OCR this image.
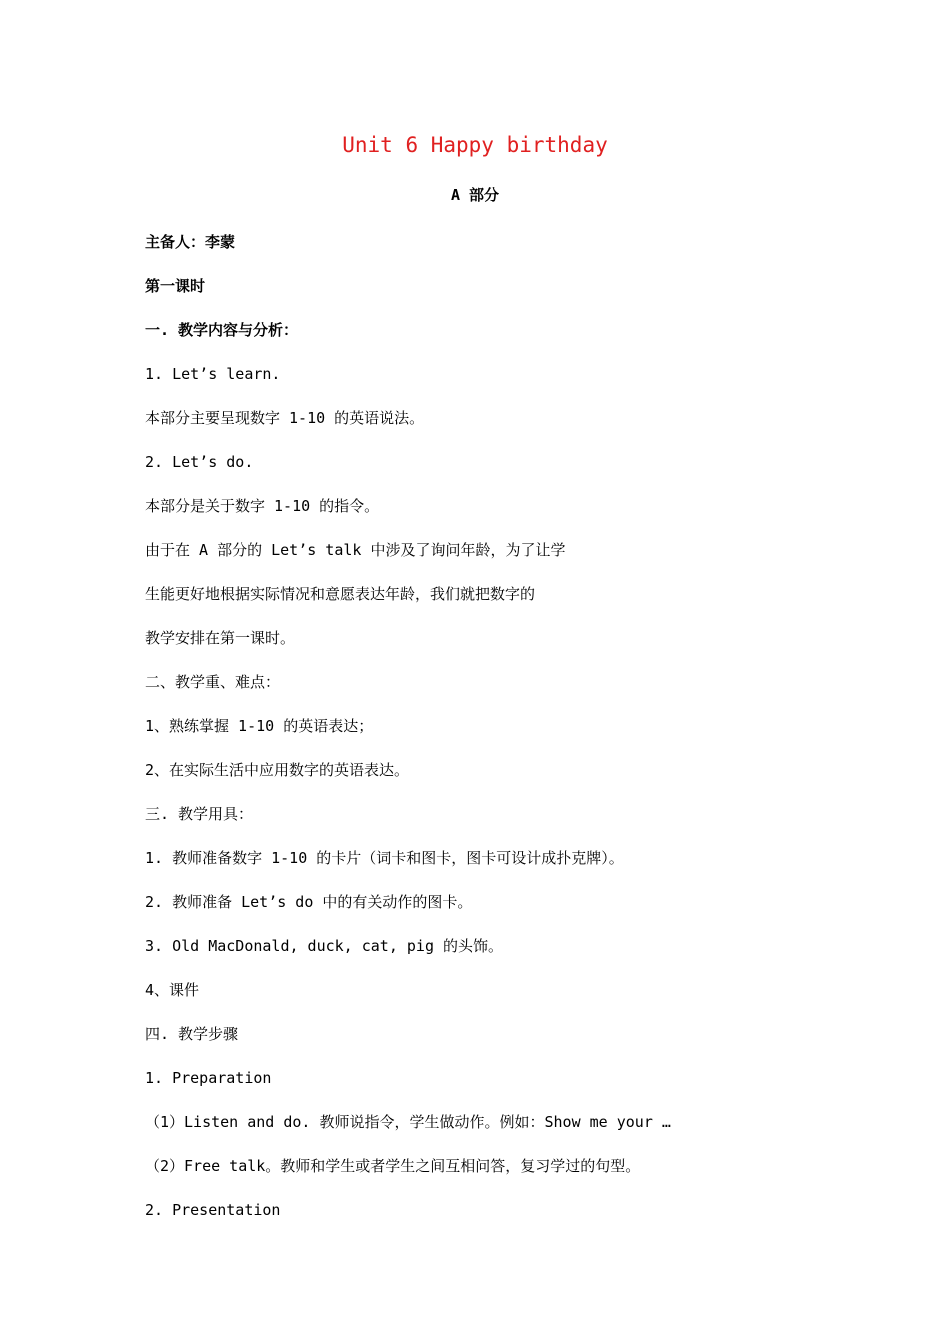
Unit 6 Happy birthday
A 部分
主备人：李蒙
第一课时
一. 教学内容与分析：
1. Let’s learn.
本部分主要呈现数字 1-10 的英语说法。
2. Let’s do.
本部分是关于数字 1-10 的指令。
由于在 A 部分的 Let’s talk 中涉及了询问年龄，为了让学
生能更好地根据实际情况和意愿表达年龄，我们就把数字的
教学安排在第一课时。
二、教学重、难点：
1、熟练掌握 1-10 的英语表达；
2、在实际生活中应用数字的英语表达。
三. 教学用具：
1. 教师准备数字 1-10 的卡片（词卡和图卡，图卡可设计成扑克牌）。
2. 教师准备 Let’s do 中的有关动作的图卡。
3. Old MacDonald, duck, cat, pig 的头饰。
4、课件
四. 教学步骤
1. Preparation
（1）Listen and do. 教师说指令，学生做动作。例如：Show me your …
（2）Free talk。教师和学生或者学生之间互相问答，复习学过的句型。
2. Presentation
